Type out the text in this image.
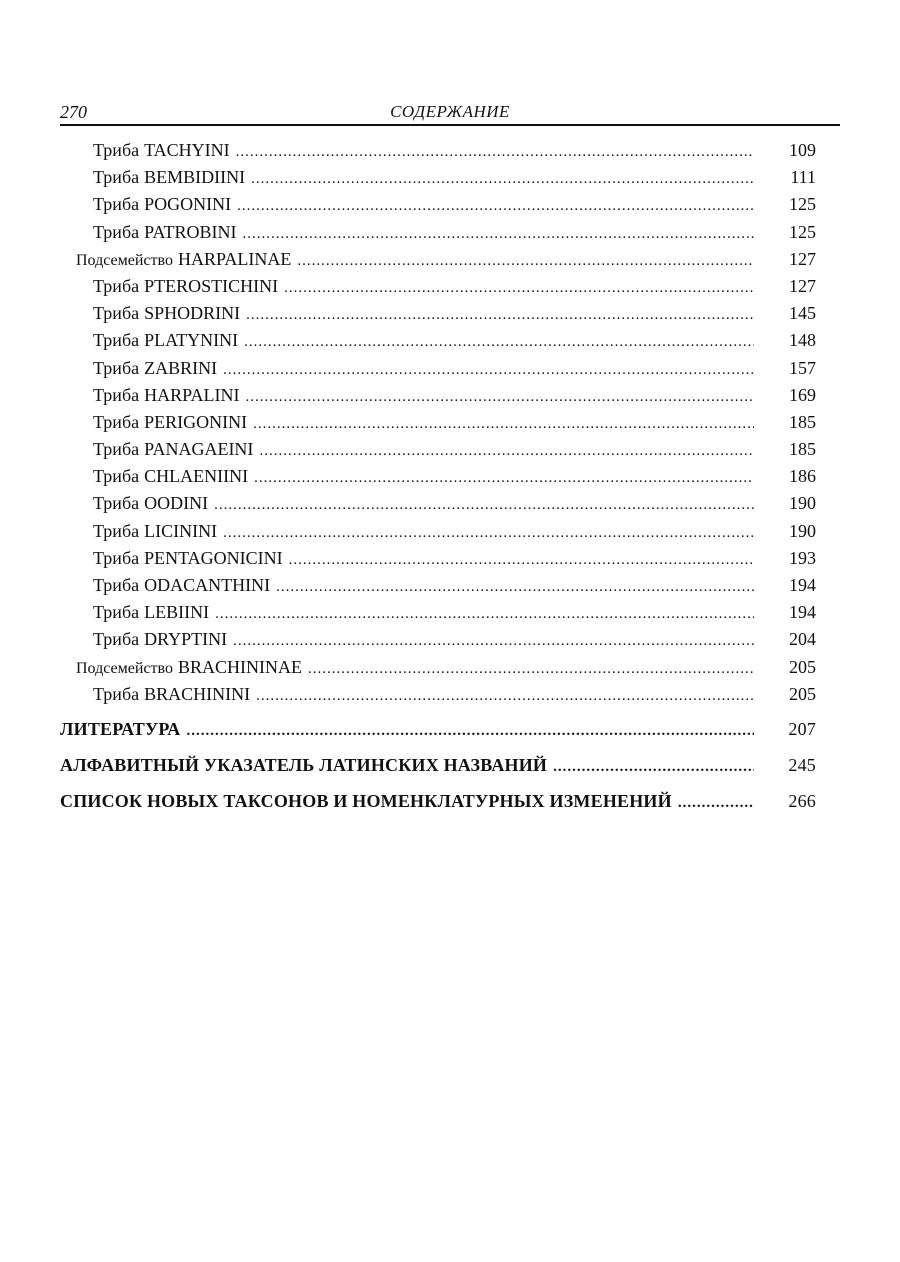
270	СОДЕРЖАНИЕ
Триба TACHYINI .....	109
Триба BEMBIDIINI .....	111
Триба POGONINI .....	125
Триба PATROBINI .....	125
Подсемейство HARPALINAE .....	127
Триба PTEROSTICHINI .....	127
Триба SPHODRINI .....	145
Триба PLATYNINI .....	148
Триба ZABRINI .....	157
Триба HARPALINI .....	169
Триба PERIGONINI .....	185
Триба PANAGAEINI .....	185
Триба CHLAENIINI .....	186
Триба OODINI .....	190
Триба LICININI .....	190
Триба PENTAGONICINI .....	193
Триба ODACANTHINI .....	194
Триба LEBIINI .....	194
Триба DRYPTINI .....	204
Подсемейство BRACHININAE .....	205
Триба BRACHININI .....	205
ЛИТЕРАТУРА .....	207
АЛФАВИТНЫЙ УКАЗАТЕЛЬ ЛАТИНСКИХ НАЗВАНИЙ .....	245
СПИСОК НОВЫХ ТАКСОНОВ И НОМЕНКЛАТУРНЫХ ИЗМЕНЕНИЙ .....	266
